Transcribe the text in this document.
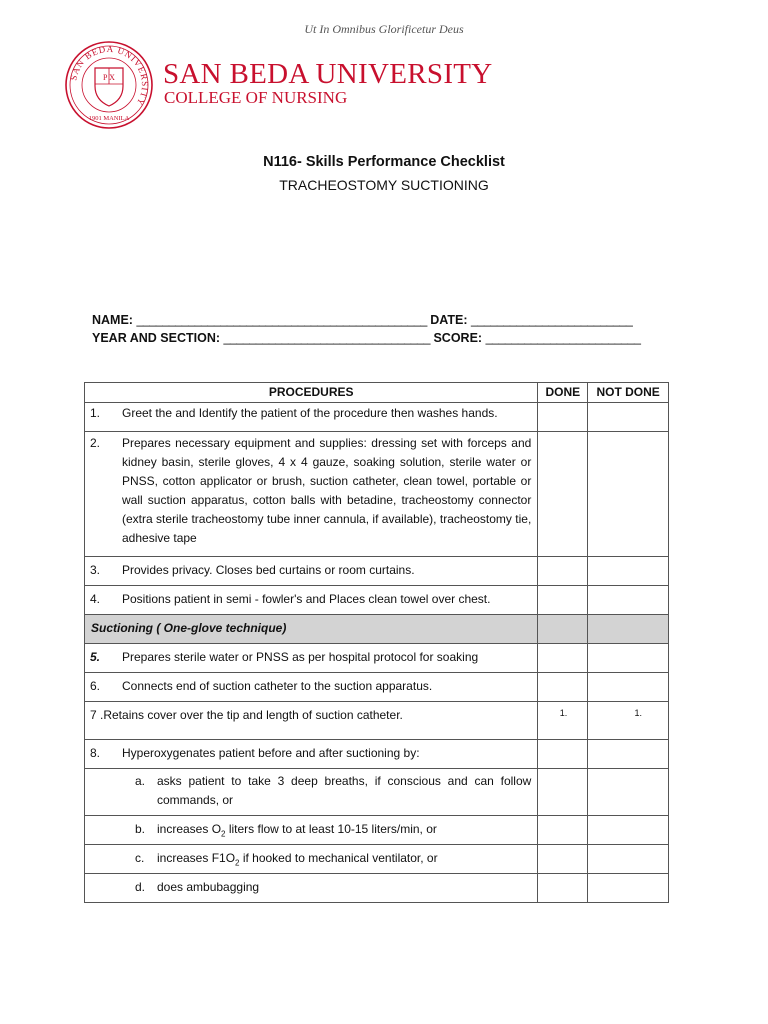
Ut In Omnibus Glorificetur Deus
SAN BEDA UNIVERSITY
P X
1901 MANILA
SAN BEDA UNIVERSITY
COLLEGE OF NURSING
N116- Skills Performance Checklist
TRACHEOSTOMY SUCTIONING
NAME: _____________________________________________ DATE: _________________________
YEAR AND SECTION: ________________________________ SCORE: ________________________
PROCEDURES	DONE	NOT DONE

1. Greet the and Identify the patient of the procedure then washes hands.		

2. Prepares necessary equipment and supplies: dressing set with forceps and kidney basin, sterile gloves, 4 x 4 gauze, soaking solution, sterile water or PNSS, cotton applicator or brush, suction catheter, clean towel, portable or wall suction apparatus, cotton balls with betadine, tracheostomy connector (extra sterile tracheostomy tube inner cannula, if available), tracheostomy tie, adhesive tape		

3. Provides privacy. Closes bed curtains or room curtains.		

4. Positions patient in semi - fowler's and Places clean towel over chest.		

Suctioning ( One-glove technique)		

5. Prepares sterile water or PNSS as per hospital protocol for soaking		

6. Connects end of suction catheter to the suction apparatus.		

7 .Retains cover over the tip and length of suction catheter.	1.	1.

8. Hyperoxygenates patient before and after suctioning by:		

a. asks patient to take 3 deep breaths, if conscious and can follow commands, or		

b. increases $O_2$ liters flow to at least 10-15 liters/min, or		

c. increases $F1O_2$ if hooked to mechanical ventilator, or		

d. does ambubagging		
